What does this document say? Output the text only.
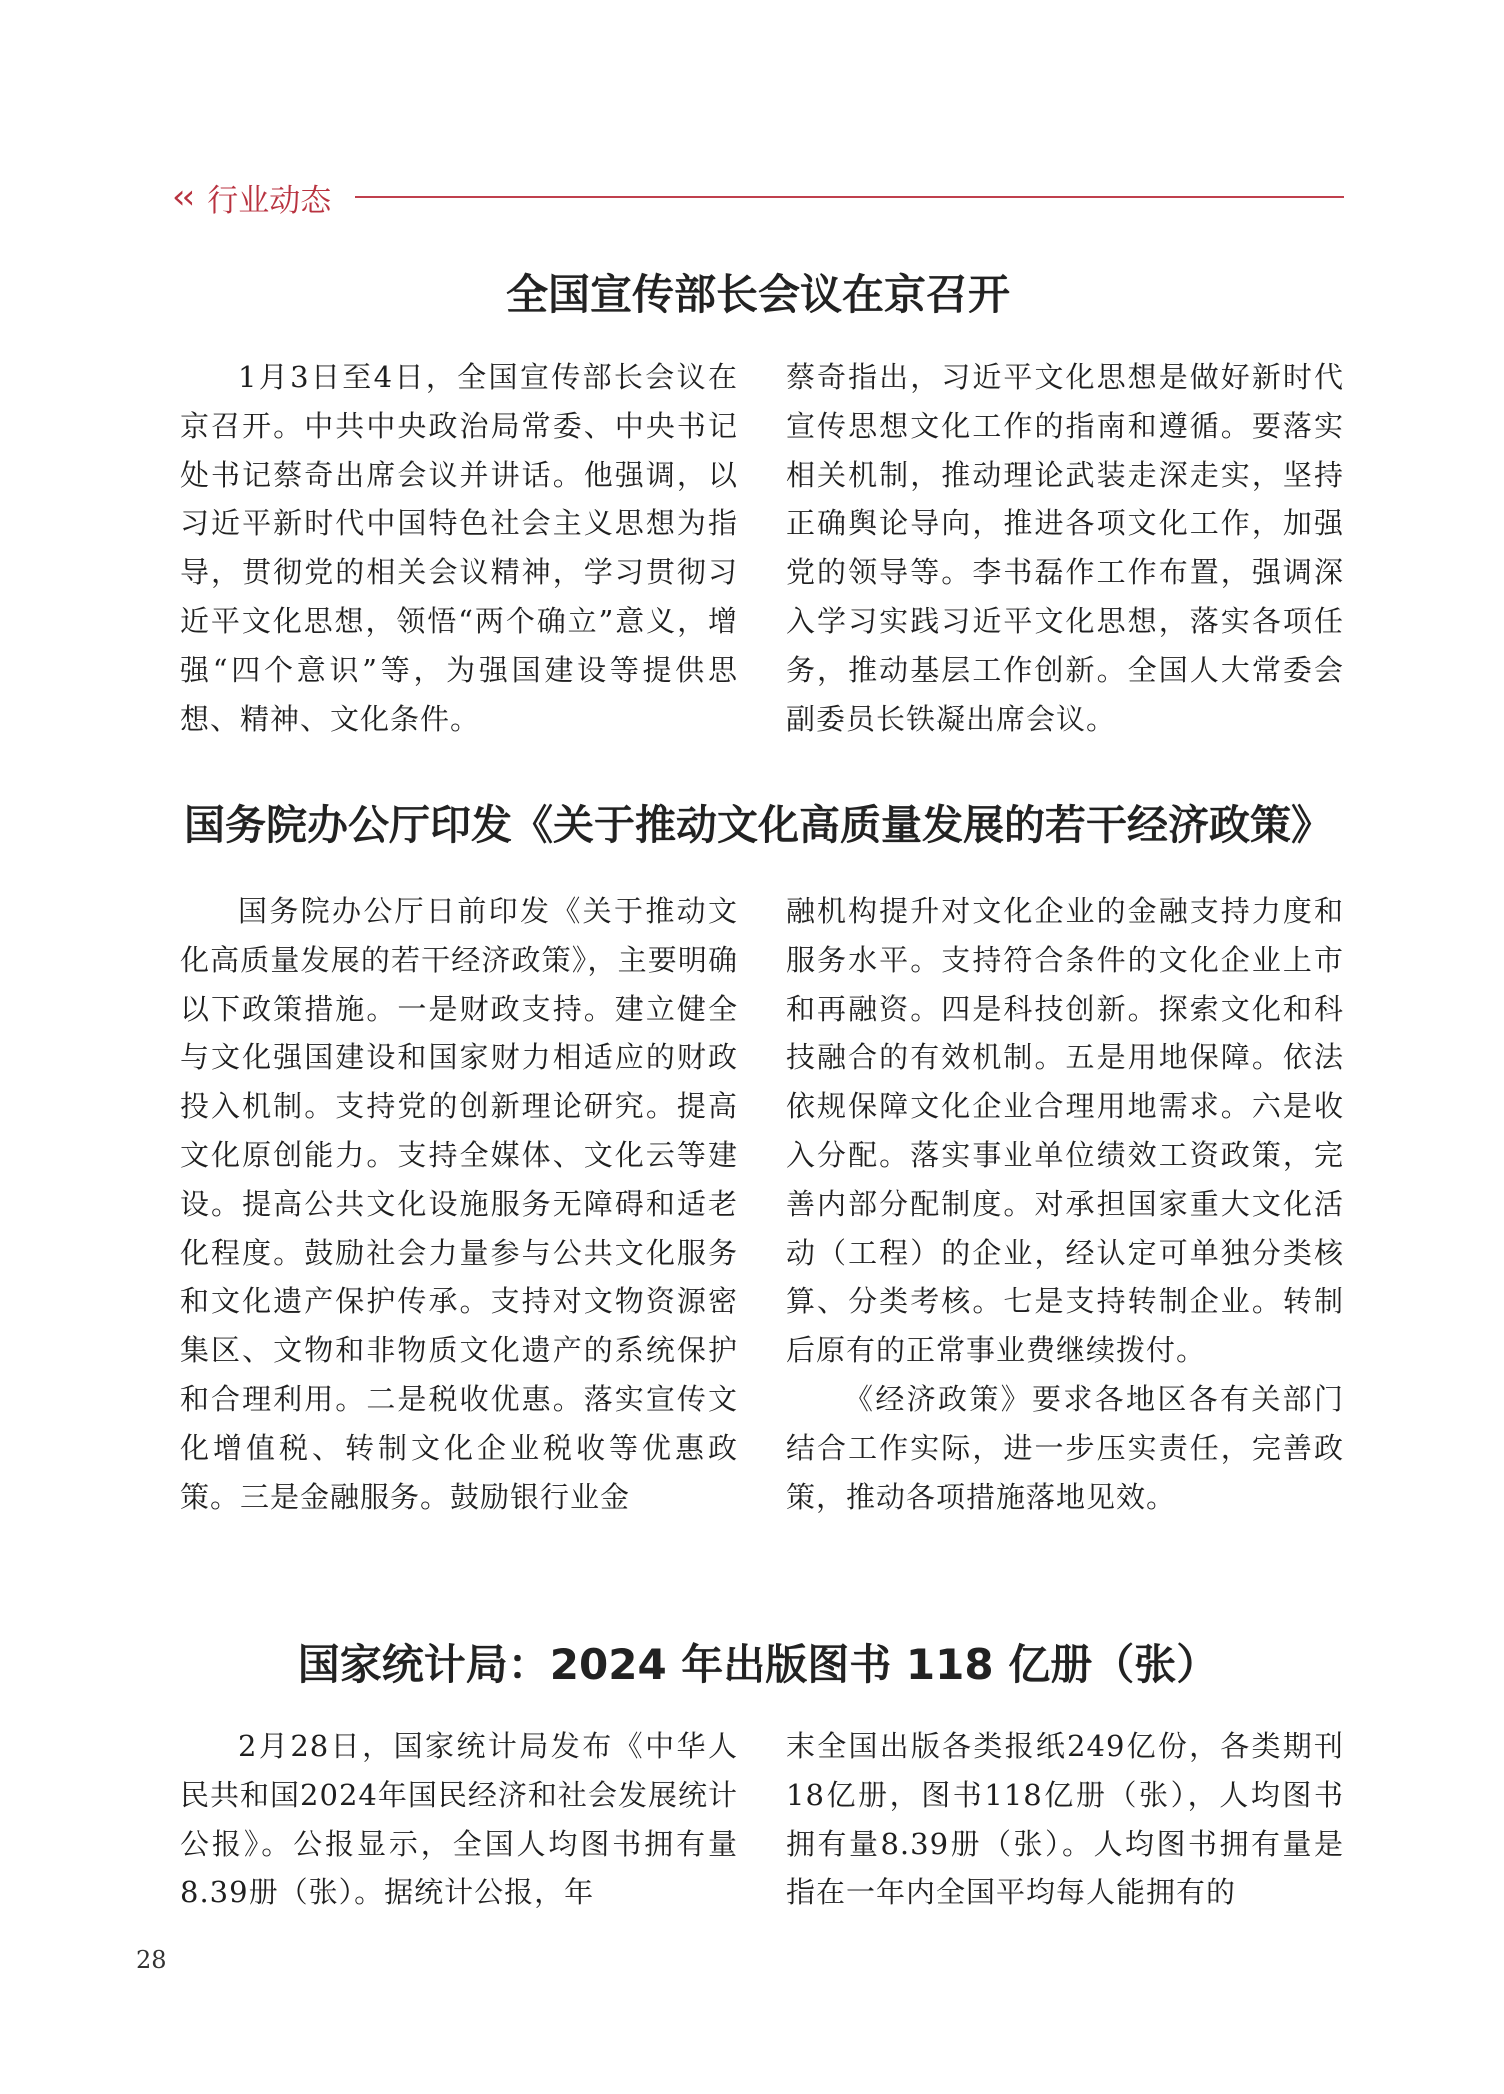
‹‹ 行业动态
全国宣传部长会议在京召开

1月3日至4日，全国宣传部长会议在京召开。中共中央政治局常委、中央书记处书记蔡奇出席会议并讲话。他强调，以习近平新时代中国特色社会主义思想为指导，贯彻党的相关会议精神，学习贯彻习近平文化思想，领悟“两个确立”意义，增强“四个意识”等，为强国建设等提供思想、精神、文化条件。

蔡奇指出，习近平文化思想是做好新时代宣传思想文化工作的指南和遵循。要落实相关机制，推动理论武装走深走实，坚持正确舆论导向，推进各项文化工作，加强党的领导等。李书磊作工作布置，强调深入学习实践习近平文化思想，落实各项任务，推动基层工作创新。全国人大常委会副委员长铁凝出席会议。

国务院办公厅印发《关于推动文化高质量发展的若干经济政策》

国务院办公厅日前印发《关于推动文化高质量发展的若干经济政策》，主要明确以下政策措施。一是财政支持。建立健全与文化强国建设和国家财力相适应的财政投入机制。支持党的创新理论研究。提高文化原创能力。支持全媒体、文化云等建设。提高公共文化设施服务无障碍和适老化程度。鼓励社会力量参与公共文化服务和文化遗产保护传承。支持对文物资源密集区、文物和非物质文化遗产的系统保护和合理利用。二是税收优惠。落实宣传文化增值税、转制文化企业税收等优惠政策。三是金融服务。鼓励银行业金

融机构提升对文化企业的金融支持力度和服务水平。支持符合条件的文化企业上市和再融资。四是科技创新。探索文化和科技融合的有效机制。五是用地保障。依法依规保障文化企业合理用地需求。六是收入分配。落实事业单位绩效工资政策，完善内部分配制度。对承担国家重大文化活动（工程）的企业，经认定可单独分类核算、分类考核。七是支持转制企业。转制后原有的正常事业费继续拨付。

《经济政策》要求各地区各有关部门结合工作实际，进一步压实责任，完善政策，推动各项措施落地见效。

国家统计局：2024 年出版图书 118 亿册（张）

2月28日，国家统计局发布《中华人民共和国2024年国民经济和社会发展统计公报》。公报显示，全国人均图书拥有量8.39册（张）。据统计公报，年

末全国出版各类报纸249亿份，各类期刊18亿册，图书118亿册（张），人均图书拥有量8.39册（张）。人均图书拥有量是指在一年内全国平均每人能拥有的

28
